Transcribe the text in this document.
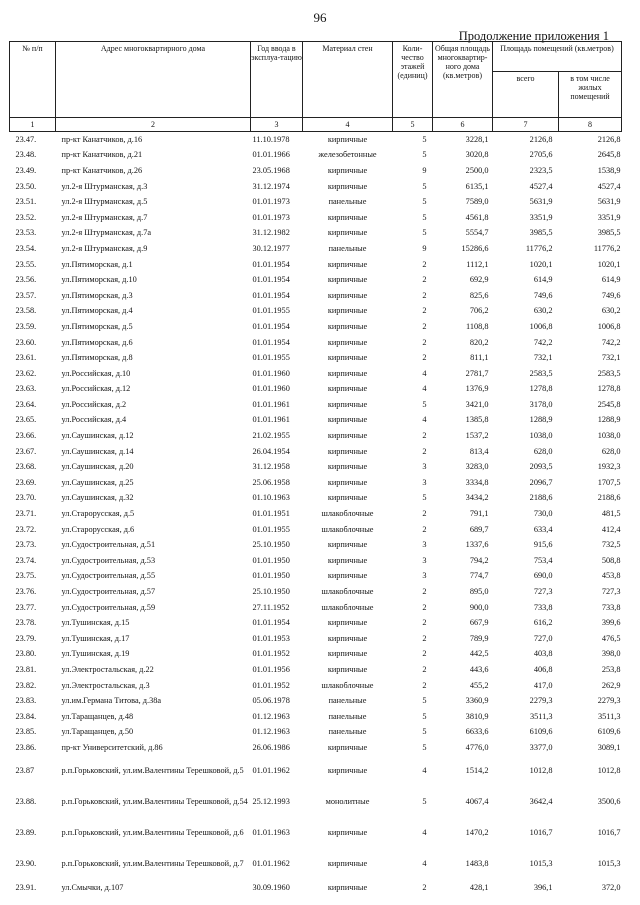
96
Продолжение приложения 1
№ п/п	Адрес многоквартирного дома	Год ввода в эксплуа-тацию	Материал стен	Коли-чество этажей (единиц)	Общая площадь многоквартир-ного дома (кв.метров)	Площадь помещений (кв.метров)	
						всего	в том числе жилых помещений
1	2	3	4	5	6	7	8
23.47.	пр-кт Канатчиков, д.16	11.10.1978	кирпичные	5	3228,1	2126,8	2126,8
23.48.	пр-кт Канатчиков, д.21	01.01.1966	железобетонные	5	3020,8	2705,6	2645,8
23.49.	пр-кт Канатчиков, д.26	23.05.1968	кирпичные	9	2500,0	2323,5	1538,9
23.50.	ул.2-я Штурманская, д.3	31.12.1974	кирпичные	5	6135,1	4527,4	4527,4
23.51.	ул.2-я Штурманская, д.5	01.01.1973	панельные	5	7589,0	5631,9	5631,9
23.52.	ул.2-я Штурманская, д.7	01.01.1973	кирпичные	5	4561,8	3351,9	3351,9
23.53.	ул.2-я Штурманская, д.7а	31.12.1982	кирпичные	5	5554,7	3985,5	3985,5
23.54.	ул.2-я Штурманская, д.9	30.12.1977	панельные	9	15286,6	11776,2	11776,2
23.55.	ул.Пятиморская, д.1	01.01.1954	кирпичные	2	1112,1	1020,1	1020,1
23.56.	ул.Пятиморская, д.10	01.01.1954	кирпичные	2	692,9	614,9	614,9
23.57.	ул.Пятиморская, д.3	01.01.1954	кирпичные	2	825,6	749,6	749,6
23.58.	ул.Пятиморская, д.4	01.01.1955	кирпичные	2	706,2	630,2	630,2
23.59.	ул.Пятиморская, д.5	01.01.1954	кирпичные	2	1108,8	1006,8	1006,8
23.60.	ул.Пятиморская, д.6	01.01.1954	кирпичные	2	820,2	742,2	742,2
23.61.	ул.Пятиморская, д.8	01.01.1955	кирпичные	2	811,1	732,1	732,1
23.62.	ул.Российская, д.10	01.01.1960	кирпичные	4	2781,7	2583,5	2583,5
23.63.	ул.Российская, д.12	01.01.1960	кирпичные	4	1376,9	1278,8	1278,8
23.64.	ул.Российская, д.2	01.01.1961	кирпичные	5	3421,0	3178,0	2545,8
23.65.	ул.Российская, д.4	01.01.1961	кирпичные	4	1385,8	1288,9	1288,9
23.66.	ул.Саушинская, д.12	21.02.1955	кирпичные	2	1537,2	1038,0	1038,0
23.67.	ул.Саушинская, д.14	26.04.1954	кирпичные	2	813,4	628,0	628,0
23.68.	ул.Саушинская, д.20	31.12.1958	кирпичные	3	3283,0	2093,5	1932,3
23.69.	ул.Саушинская, д.25	25.06.1958	кирпичные	3	3334,8	2096,7	1707,5
23.70.	ул.Саушинская, д.32	01.10.1963	кирпичные	5	3434,2	2188,6	2188,6
23.71.	ул.Старорусская, д.5	01.01.1951	шлакоблочные	2	791,1	730,0	481,5
23.72.	ул.Старорусская, д.6	01.01.1955	шлакоблочные	2	689,7	633,4	412,4
23.73.	ул.Судостроительная, д.51	25.10.1950	кирпичные	3	1337,6	915,6	732,5
23.74.	ул.Судостроительная, д.53	01.01.1950	кирпичные	3	794,2	753,4	508,8
23.75.	ул.Судостроительная, д.55	01.01.1950	кирпичные	3	774,7	690,0	453,8
23.76.	ул.Судостроительная, д.57	25.10.1950	шлакоблочные	2	895,0	727,3	727,3
23.77.	ул.Судостроительная, д.59	27.11.1952	шлакоблочные	2	900,0	733,8	733,8
23.78.	ул.Тушинская, д.15	01.01.1954	кирпичные	2	667,9	616,2	399,6
23.79.	ул.Тушинская, д.17	01.01.1953	кирпичные	2	789,9	727,0	476,5
23.80.	ул.Тушинская, д.19	01.01.1952	кирпичные	2	442,5	403,8	398,0
23.81.	ул.Электростальская, д.22	01.01.1956	кирпичные	2	443,6	406,8	253,8
23.82.	ул.Электростальская, д.3	01.01.1952	шлакоблочные	2	455,2	417,0	262,9
23.83.	ул.им.Германа Титова, д.38а	05.06.1978	панельные	5	3360,9	2279,3	2279,3
23.84.	ул.Таращанцев, д.48	01.12.1963	панельные	5	3810,9	3511,3	3511,3
23.85.	ул.Таращанцев, д.50	01.12.1963	панельные	5	6633,6	6109,6	6109,6
23.86.	пр-кт Университетский, д.86	26.06.1986	кирпичные	5	4776,0	3377,0	3089,1
23.87	р.п.Горьковский, ул.им.Валентины Терешковой, д.5	01.01.1962	кирпичные	4	1514,2	1012,8	1012,8
23.88.	р.п.Горьковский, ул.им.Валентины Терешковой, д.54	25.12.1993	монолитные	5	4067,4	3642,4	3500,6
23.89.	р.п.Горьковский, ул.им.Валентины Терешковой, д.6	01.01.1963	кирпичные	4	1470,2	1016,7	1016,7
23.90.	р.п.Горьковский, ул.им.Валентины Терешковой, д.7	01.01.1962	кирпичные	4	1483,8	1015,3	1015,3
23.91.	ул.Смычки, д.107	30.09.1960	кирпичные	2	428,1	396,1	372,0
